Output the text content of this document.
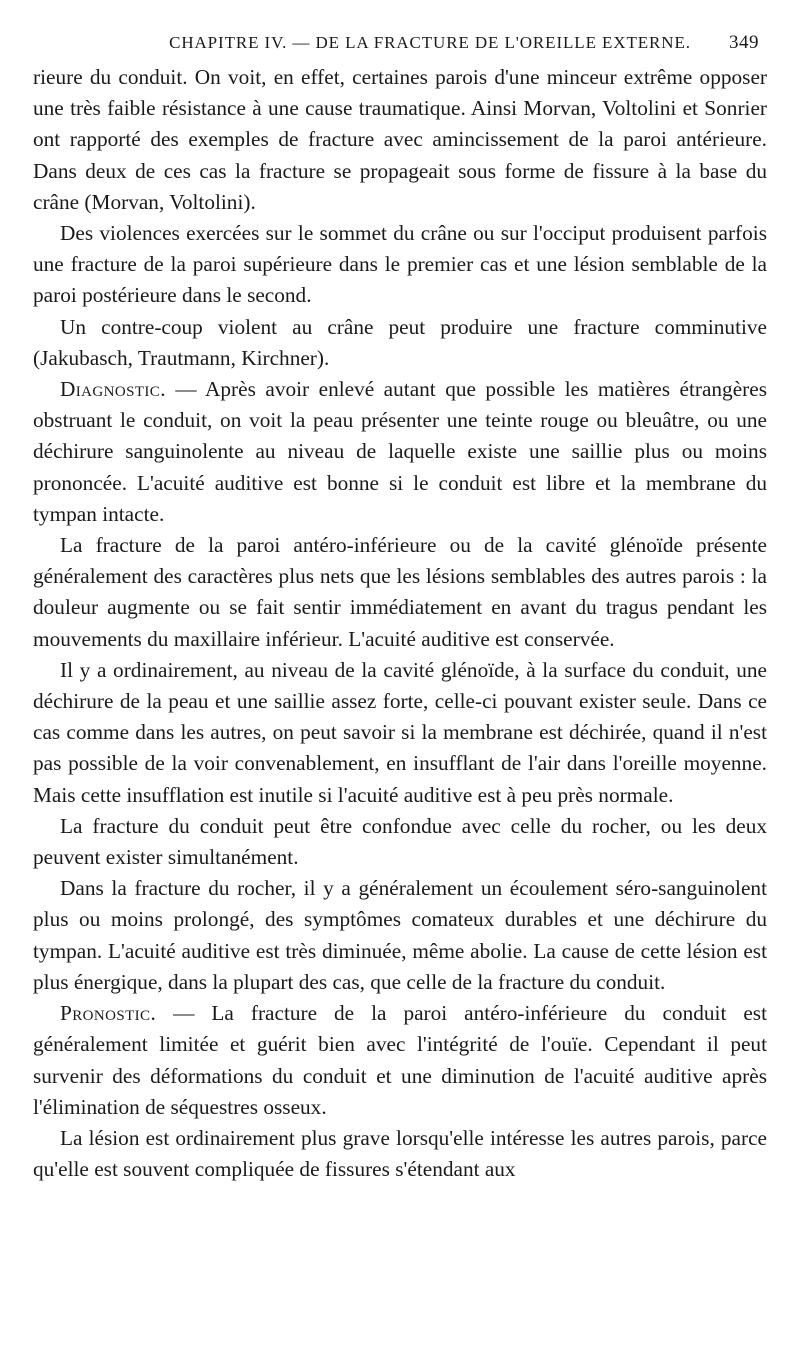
CHAPITRE IV. — DE LA FRACTURE DE L'OREILLE EXTERNE. 349

rieure du conduit. On voit, en effet, certaines parois d'une minceur extrême opposer une très faible résistance à une cause traumatique. Ainsi Morvan, Voltolini et Sonrier ont rapporté des exemples de fracture avec amincissement de la paroi antérieure. Dans deux de ces cas la fracture se propageait sous forme de fissure à la base du crâne (Morvan, Voltolini).

Des violences exercées sur le sommet du crâne ou sur l'occiput produisent parfois une fracture de la paroi supérieure dans le premier cas et une lésion semblable de la paroi postérieure dans le second.

Un contre-coup violent au crâne peut produire une fracture comminutive (Jakubasch, Trautmann, Kirchner).

Diagnostic. — Après avoir enlevé autant que possible les matières étrangères obstruant le conduit, on voit la peau présenter une teinte rouge ou bleuâtre, ou une déchirure sanguinolente au niveau de laquelle existe une saillie plus ou moins prononcée. L'acuité auditive est bonne si le conduit est libre et la membrane du tympan intacte.

La fracture de la paroi antéro-inférieure ou de la cavité glénoïde présente généralement des caractères plus nets que les lésions semblables des autres parois : la douleur augmente ou se fait sentir immédiatement en avant du tragus pendant les mouvements du maxillaire inférieur. L'acuité auditive est conservée.

Il y a ordinairement, au niveau de la cavité glénoïde, à la surface du conduit, une déchirure de la peau et une saillie assez forte, celle-ci pouvant exister seule. Dans ce cas comme dans les autres, on peut savoir si la membrane est déchirée, quand il n'est pas possible de la voir convenablement, en insufflant de l'air dans l'oreille moyenne. Mais cette insufflation est inutile si l'acuité auditive est à peu près normale.

La fracture du conduit peut être confondue avec celle du rocher, ou les deux peuvent exister simultanément.

Dans la fracture du rocher, il y a généralement un écoulement séro-sanguinolent plus ou moins prolongé, des symptômes comateux durables et une déchirure du tympan. L'acuité auditive est très diminuée, même abolie. La cause de cette lésion est plus énergique, dans la plupart des cas, que celle de la fracture du conduit.

Pronostic. — La fracture de la paroi antéro-inférieure du conduit est généralement limitée et guérit bien avec l'intégrité de l'ouïe. Cependant il peut survenir des déformations du conduit et une diminution de l'acuité auditive après l'élimination de séquestres osseux.

La lésion est ordinairement plus grave lorsqu'elle intéresse les autres parois, parce qu'elle est souvent compliquée de fissures s'étendant aux
